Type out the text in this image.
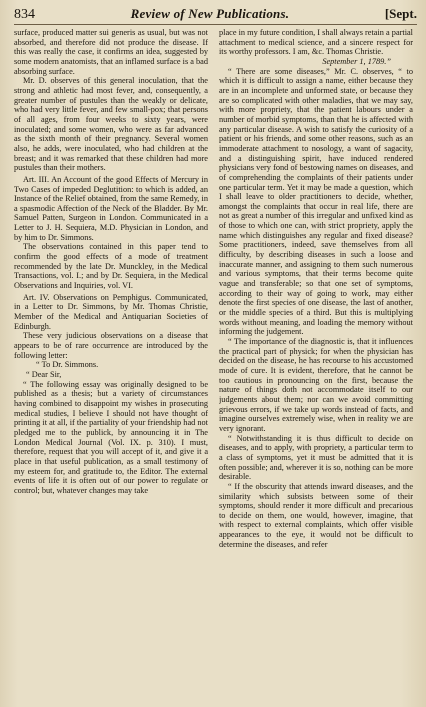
834	Review of New Publications.	[Sept.

surface, produced matter sui generis as usual, but was not absorbed, and therefore did not produce the disease. If this was really the case, it confirms an idea, suggested by some modern anatomists, that an inflamed surface is a bad absorbing surface.

Mr. D. observes of this general inoculation, that the strong and athletic had most fever, and, consequently, a greater number of pustules than the weakly or delicate, who had very little fever, and few small-pox; that persons of all ages, from four weeks to sixty years, were inoculated; and some women, who were as far advanced as the sixth month of their pregnancy. Several women also, he adds, were inoculated, who had children at the breast; and it was remarked that these children had more pustules than their mothers.

Art. III. An Account of the good Effects of Mercury in Two Cases of impeded Deglutition: to which is added, an Instance of the Relief obtained, from the same Remedy, in a spasmodic Affection of the Neck of the Bladder. By Mr. Samuel Patten, Surgeon in London. Communicated in a Letter to J. H. Sequiera, M.D. Physician in London, and by him to Dr. Simmons.

The observations contained in this paper tend to confirm the good effects of a mode of treatment recommended by the late Dr. Munckley, in the Medical Transactions, vol. I.; and by Dr. Sequiera, in the Medical Observations and Inquiries, vol. VI.

Art. IV. Observations on Pemphigus. Communicated, in a Letter to Dr. Simmons, by Mr. Thomas Christie, Member of the Medical and Antiquarian Societies of Edinburgh.

These very judicious observations on a disease that appears to be of rare occurrence are introduced by the following letter:

“ To Dr. Simmons.

“ Dear Sir,

“ The following essay was originally designed to be published as a thesis; but a variety of circumstances having combined to disappoint my wishes in prosecuting medical studies, I believe I should not have thought of printing it at all, if the partiality of your friendship had not pledged me to the publick, by announcing it in The London Medical Journal (Vol. IX. p. 310). I must, therefore, request that you will accept of it, and give it a place in that useful publication, as a small testimony of my esteem for, and gratitude to, the Editor. The external events of life it is often out of our power to regulate or control; but, whatever changes may take

place in my future condition, I shall always retain a partial attachment to medical science, and a sincere respect for its worthy professors. I am, &c. Thomas Christie.

September 1, 1789.”

“ There are some diseases,” Mr. C. observes, “ to which it is difficult to assign a name, either because they are in an incomplete and unformed state, or because they are so complicated with other maladies, that we may say, with more propriety, that the patient labours under a number of morbid symptoms, than that he is affected with any particular disease. A wish to satisfy the curiosity of a patient or his friends, and some other reasons, such as an immoderate attachment to nosology, a want of sagacity, and a distinguishing spirit, have induced rendered physicians very fond of bestowing names on diseases, and of comprehending the complaints of their patients under one particular term. Yet it may be made a question, which I shall leave to older practitioners to decide, whether, amongst the complaints that occur in real life, there are not as great a number of this irregular and unfixed kind as of those to which one can, with strict propriety, apply the name which distinguishes any regular and fixed disease? Some practitioners, indeed, save themselves from all difficulty, by describing diseases in such a loose and inaccurate manner, and assigning to them such numerous and various symptoms, that their terms become quite vague and transferable; so that one set of symptoms, according to their way of going to work, may either denote the first species of one disease, the last of another, or the middle species of a third. But this is multiplying words without meaning, and loading the memory without informing the judgement.

“ The importance of the diagnostic is, that it influences the practical part of physick; for when the physician has decided on the disease, he has recourse to his accustomed mode of cure. It is evident, therefore, that he cannot be too cautious in pronouncing on the first, because the nature of things doth not accommodate itself to our judgements about them; nor can we avoid committing grievous errors, if we take up words instead of facts, and imagine ourselves extremely wise, when in reality we are very ignorant.

“ Notwithstanding it is thus difficult to decide on diseases, and to apply, with propriety, a particular term to a class of symptoms, yet it must be admitted that it is often possible; and, wherever it is so, nothing can be more desirable.

“ If the obscurity that attends inward diseases, and the similarity which subsists between some of their symptoms, should render it more difficult and precarious to decide on them, one would, however, imagine, that with respect to external complaints, which offer visible appearances to the eye, it would not be difficult to determine the diseases, and refer
